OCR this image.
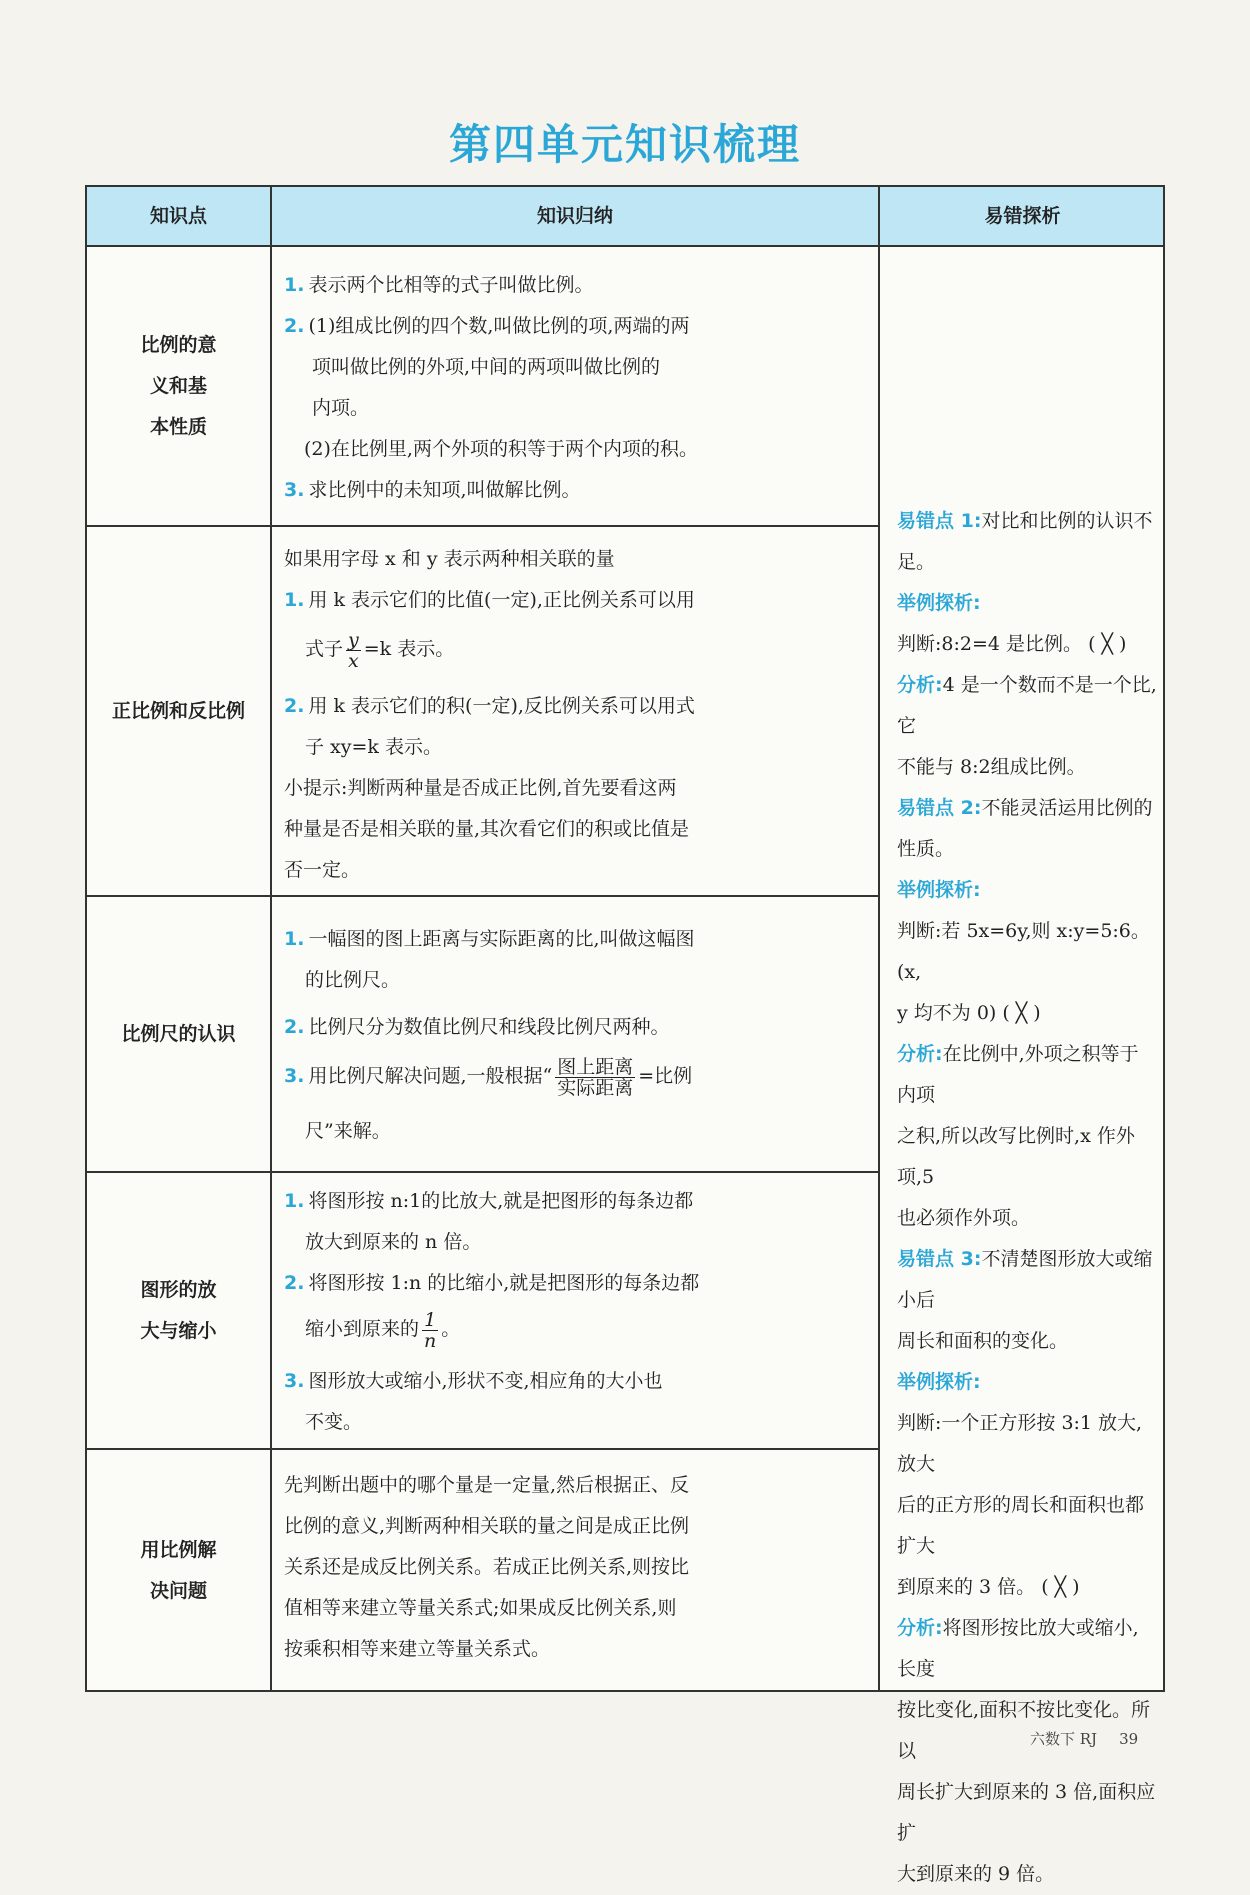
第四单元知识梳理
知识点	知识归纳	易错探析
比例的意
义和基
本性质
1. 表示两个比相等的式子叫做比例。
2. (1)组成比例的四个数,叫做比例的项,两端的两
项叫做比例的外项,中间的两项叫做比例的
内项。
(2)在比例里,两个外项的积等于两个内项的积。
3. 求比例中的未知项,叫做解比例。
正比例和反比例
如果用字母 x 和 y 表示两种相关联的量
1. 用 k 表示它们的比值(一定),正比例关系可以用
式子 $\frac{y}{x} =k$ 表示。
2. 用 k 表示它们的积(一定),反比例关系可以用式
子 xy=k 表示。
小提示:判断两种量是否成正比例,首先要看这两
种量是否是相关联的量,其次看它们的积或比值是
否一定。
比例尺的认识
1. 一幅图的图上距离与实际距离的比,叫做这幅图
的比例尺。
2. 比例尺分为数值比例尺和线段比例尺两种。
3. 用比例尺解决问题,一般根据“ $\frac{\text{图上距离}}{\text{实际距离}}$ =比例
尺”来解。
图形的放
大与缩小
1. 将图形按 n:1的比放大,就是把图形的每条边都
放大到原来的 n 倍。
2. 将图形按 1:n 的比缩小,就是把图形的每条边都
缩小到原来的 $\frac{1}{n}$ 。
3. 图形放大或缩小,形状不变,相应角的大小也
不变。
用比例解
决问题
先判断出题中的哪个量是一定量,然后根据正、反
比例的意义,判断两种相关联的量之间是成正比例
关系还是成反比例关系。若成正比例关系,则按比
值相等来建立等量关系式;如果成反比例关系,则
按乘积相等来建立等量关系式。
易错点 1:对比和比例的认识不足。
举例探析:
判断:8:2=4 是比例。 ( ╳ )
分析:4 是一个数而不是一个比,它
不能与 8:2组成比例。
易错点 2:不能灵活运用比例的
性质。
举例探析:
判断:若 5x=6y,则 x:y=5:6。(x,
y 均不为 0) ( ╳ )
分析:在比例中,外项之积等于内项
之积,所以改写比例时,x 作外项,5
也必须作外项。
易错点 3:不清楚图形放大或缩小后
周长和面积的变化。
举例探析:
判断:一个正方形按 3:1 放大,放大
后的正方形的周长和面积也都扩大
到原来的 3 倍。 ( ╳ )
分析:将图形按比放大或缩小,长度
按比变化,面积不按比变化。所以
周长扩大到原来的 3 倍,面积应扩
大到原来的 9 倍。
六数下 RJ 39
